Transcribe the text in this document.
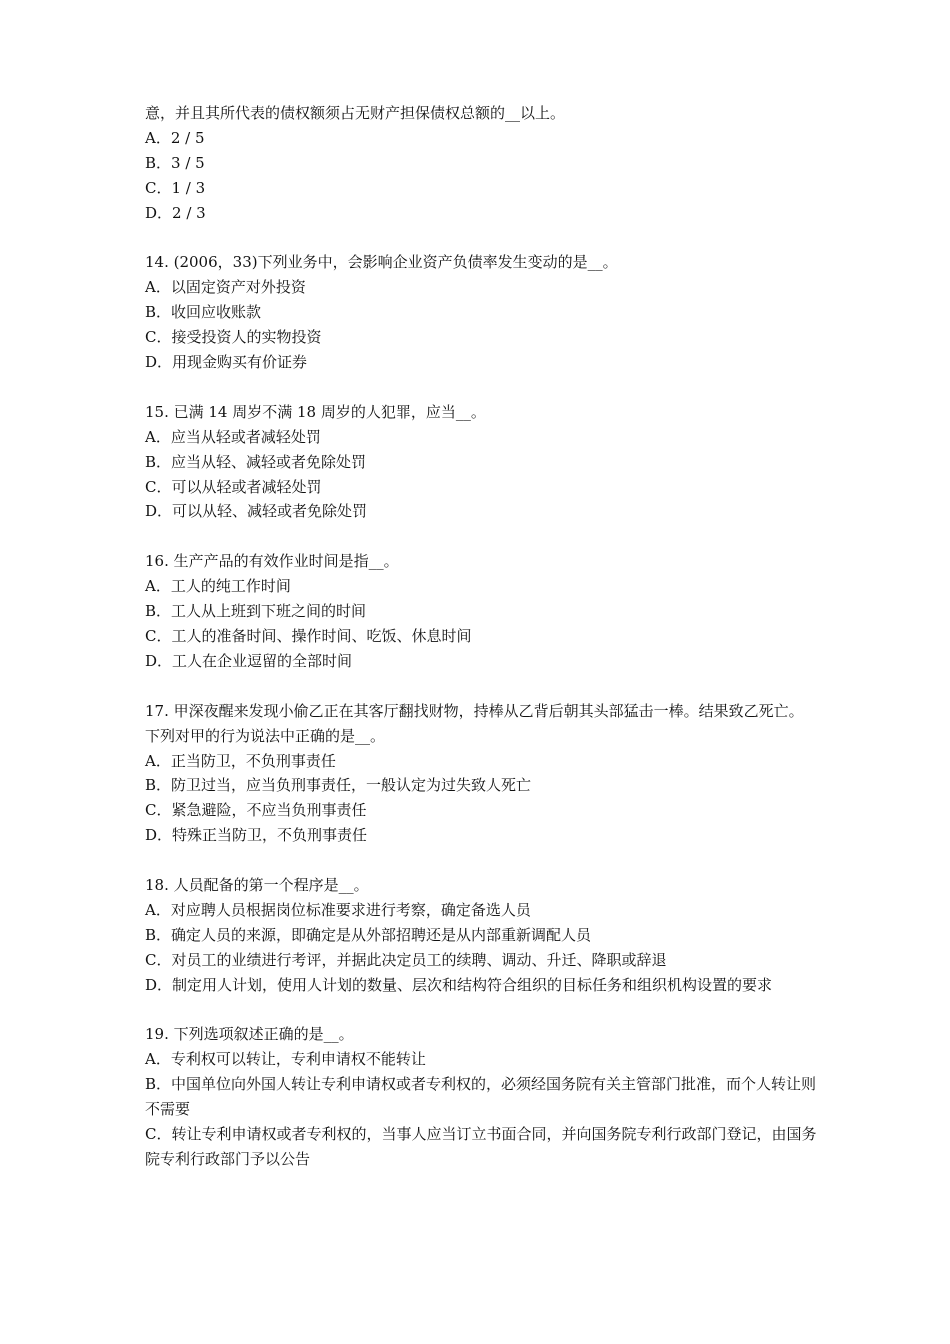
意，并且其所代表的债权额须占无财产担保债权总额的__以上。
A．2 / 5
B．3 / 5
C．1 / 3
D．2 / 3
14. (2006，33)下列业务中，会影响企业资产负债率发生变动的是__。
A．以固定资产对外投资
B．收回应收账款
C．接受投资人的实物投资
D．用现金购买有价证券
15. 已满 14 周岁不满 18 周岁的人犯罪，应当__。
A．应当从轻或者减轻处罚
B．应当从轻、减轻或者免除处罚
C．可以从轻或者减轻处罚
D．可以从轻、减轻或者免除处罚
16. 生产产品的有效作业时间是指__。
A．工人的纯工作时间
B．工人从上班到下班之间的时间
C．工人的准备时间、操作时间、吃饭、休息时间
D．工人在企业逗留的全部时间
17. 甲深夜醒来发现小偷乙正在其客厅翻找财物，持棒从乙背后朝其头部猛击一棒。结果致乙死亡。下列对甲的行为说法中正确的是__。
A．正当防卫，不负刑事责任
B．防卫过当，应当负刑事责任，一般认定为过失致人死亡
C．紧急避险，不应当负刑事责任
D．特殊正当防卫，不负刑事责任
18. 人员配备的第一个程序是__。
A．对应聘人员根据岗位标准要求进行考察，确定备选人员
B．确定人员的来源，即确定是从外部招聘还是从内部重新调配人员
C．对员工的业绩进行考评，并据此决定员工的续聘、调动、升迁、降职或辞退
D．制定用人计划，使用人计划的数量、层次和结构符合组织的目标任务和组织机构设置的要求
19. 下列选项叙述正确的是__。
A．专利权可以转让，专利申请权不能转让
B．中国单位向外国人转让专利申请权或者专利权的，必须经国务院有关主管部门批准，而个人转让则不需要
C．转让专利申请权或者专利权的，当事人应当订立书面合同，并向国务院专利行政部门登记，由国务院专利行政部门予以公告
